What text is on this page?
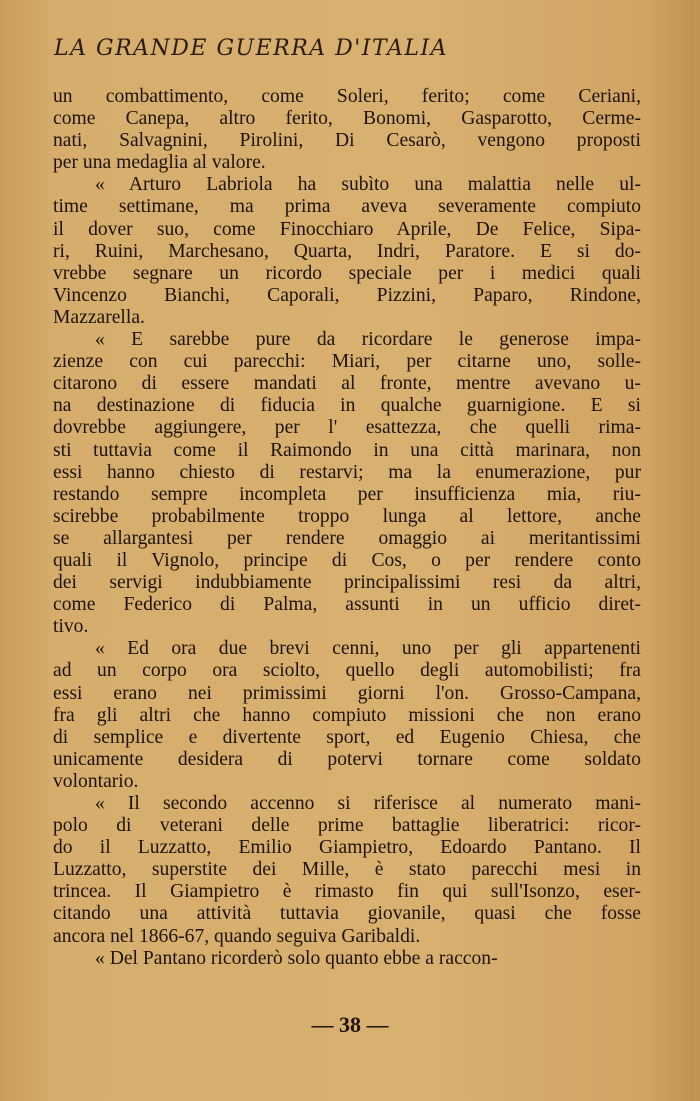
LA GRANDE GUERRA D'ITALIA
un combattimento, come Soleri, ferito; come Ceriani,
come Canepa, altro ferito, Bonomi, Gasparotto, Cerme-
nati, Salvagnini, Pirolini, Di Cesarò, vengono proposti
per una medaglia al valore.
« Arturo Labriola ha subìto una malattia nelle ul-
time settimane, ma prima aveva severamente compiuto
il dover suo, come Finocchiaro Aprile, De Felice, Sipa-
ri, Ruini, Marchesano, Quarta, Indri, Paratore. E si do-
vrebbe segnare un ricordo speciale per i medici quali
Vincenzo Bianchi, Caporali, Pizzini, Paparo, Rindone,
Mazzarella.
« E sarebbe pure da ricordare le generose impa-
zienze con cui parecchi: Miari, per citarne uno, solle-
citarono di essere mandati al fronte, mentre avevano u-
na destinazione di fiducia in qualche guarnigione. E si
dovrebbe aggiungere, per l' esattezza, che quelli rima-
sti tuttavia come il Raimondo in una città marinara, non
essi hanno chiesto di restarvi; ma la enumerazione, pur
restando sempre incompleta per insufficienza mia, riu-
scirebbe probabilmente troppo lunga al lettore, anche
se allargantesi per rendere omaggio ai meritantissimi
quali il Vignolo, principe di Cos, o per rendere conto
dei servigi indubbiamente principalissimi resi da altri,
come Federico di Palma, assunti in un ufficio diret-
tivo.
« Ed ora due brevi cenni, uno per gli appartenenti
ad un corpo ora sciolto, quello degli automobilisti; fra
essi erano nei primissimi giorni l'on. Grosso-Campana,
fra gli altri che hanno compiuto missioni che non erano
di semplice e divertente sport, ed Eugenio Chiesa, che
unicamente desidera di potervi tornare come soldato
volontario.
« Il secondo accenno si riferisce al numerato mani-
polo di veterani delle prime battaglie liberatrici: ricor-
do il Luzzatto, Emilio Giampietro, Edoardo Pantano. Il
Luzzatto, superstite dei Mille, è stato parecchi mesi in
trincea. Il Giampietro è rimasto fin qui sull'Isonzo, eser-
citando una attività tuttavia giovanile, quasi che fosse
ancora nel 1866-67, quando seguiva Garibaldi.
« Del Pantano ricorderò solo quanto ebbe a raccon-
— 38 —
